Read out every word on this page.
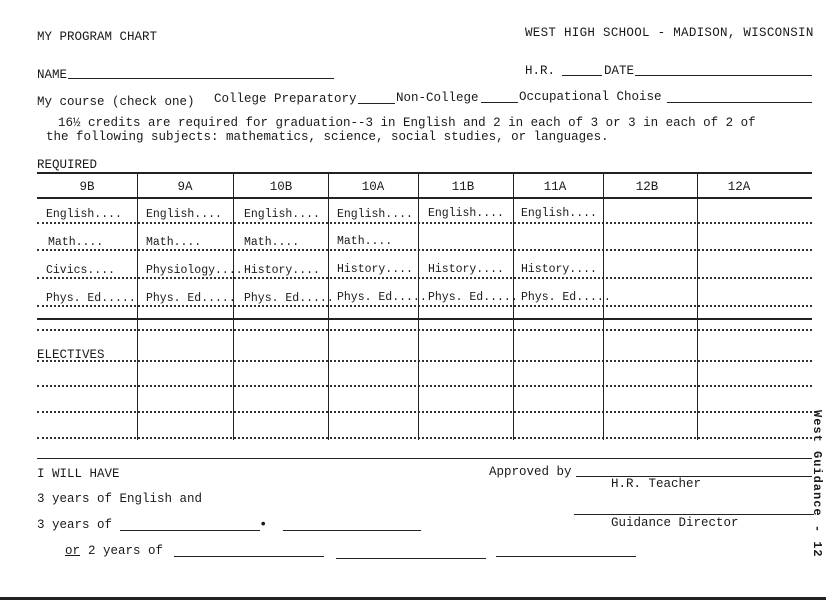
MY PROGRAM CHART	WEST HIGH SCHOOL - MADISON, WISCONSIN
NAME	H.R.	DATE
My course (check one) College Preparatory	Non-College	Occupational Choise
16½ credits are required for graduation--3 in English and 2 in each of 3 or 3 in each of 2 of
the following subjects: mathematics, science, social studies, or languages.
REQUIRED
9B	9A	10B	10A	11B	11A	12B	12A
English.... English.... English.... English.... English.... English....
Math....	Math....	Math....	Math....
Civics....	Physiology.... History.... History.... History.... History....
Phys. Ed..... Phys. Ed..... Phys. Ed..... Phys. Ed..... Phys. Ed..... Phys. Ed.....
ELECTIVES
I WILL HAVE
3 years of English and
3 years of	•
or 2 years of
Approved by
H.R. Teacher
Guidance Director	West Guidance - 12
